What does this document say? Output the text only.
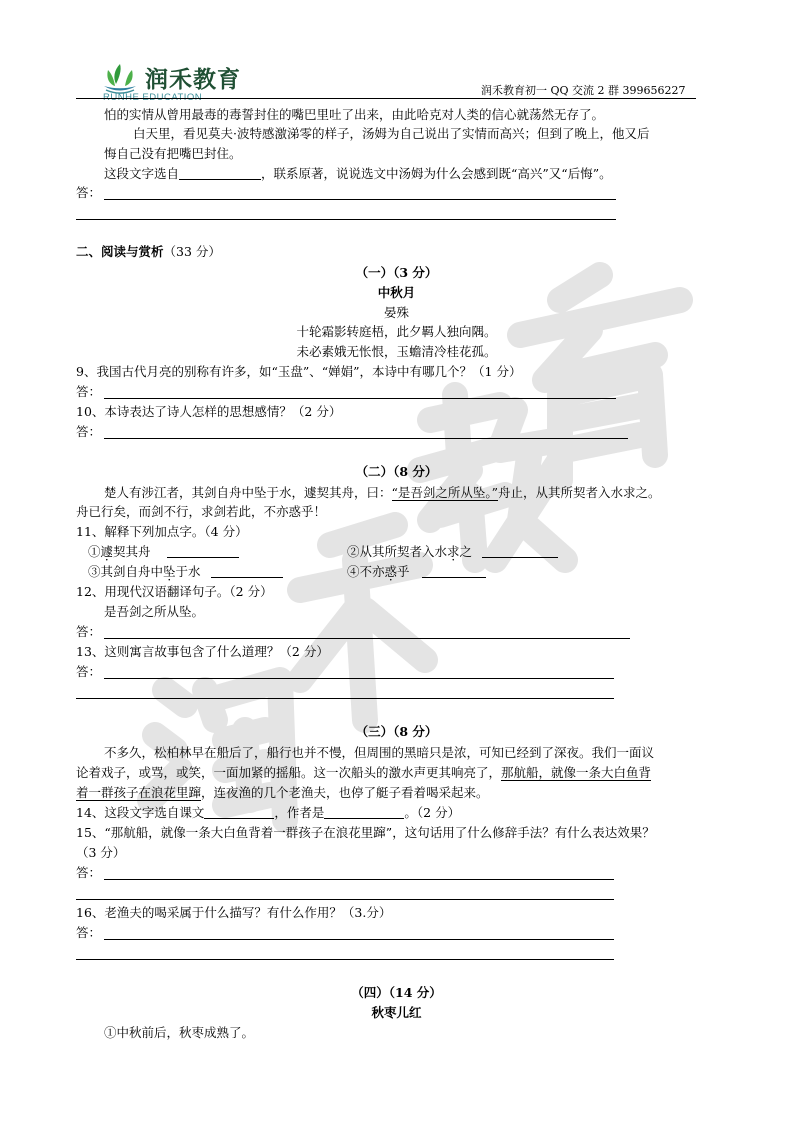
润禾教育
RUNHE EDUCATION
润禾教育初一 QQ 交流 2 群 399656227
怕的实情从曾用最毒的毒誓封住的嘴巴里吐了出来，由此哈克对人类的信心就荡然无存了。
白天里，看见莫夫·波特感激涕零的样子，汤姆为自己说出了实情而高兴；但到了晚上，他又后
悔自己没有把嘴巴封住。
这段文字选自	，联系原著，说说选文中汤姆为什么会感到既“高兴”又“后悔”。
答：
二、阅读与赏析（33 分）
（一）（3 分）
中秋月
晏殊
十轮霜影转庭梧，此夕羁人独向隅。
未必素娥无怅恨，玉蟾清冷桂花孤。
9、我国古代月亮的别称有许多，如“玉盘”、“婵娟”，本诗中有哪几个？（1 分）
答：
10、本诗表达了诗人怎样的思想感情？（2 分）
答：
（二）（8 分）
楚人有涉江者，其剑自舟中坠于水，遽契其舟，曰：“是吾剑之所从坠。”舟止，从其所契者入水求之。
舟已行矣，而剑不行，求剑若此，不亦惑乎！
11、解释下列加点字。（4 分）
①遽契其舟	②从其所契者入水求之
③其剑自舟中坠于水	④不亦惑乎
12、用现代汉语翻译句子。（2 分）
是吾剑之所从坠。
答：
13、这则寓言故事包含了什么道理？（2 分）
答：
（三）（8 分）
不多久，松柏林早在船后了，船行也并不慢，但周围的黑暗只是浓，可知已经到了深夜。我们一面议
论着戏子，或骂，或笑，一面加紧的摇船。这一次船头的激水声更其响亮了，那航船，就像一条大白鱼背
着一群孩子在浪花里蹿，连夜渔的几个老渔夫，也停了艇子看着喝采起来。
14、这段文字选自课文	，作者是	。（2 分）
15、“那航船，就像一条大白鱼背着一群孩子在浪花里蹿”，这句话用了什么修辞手法？有什么表达效果？
（3 分）
答：
16、老渔夫的喝采属于什么描写？有什么作用？（3.分）
答：
（四）（14 分）
秋枣儿红
①中秋前后，秋枣成熟了。
